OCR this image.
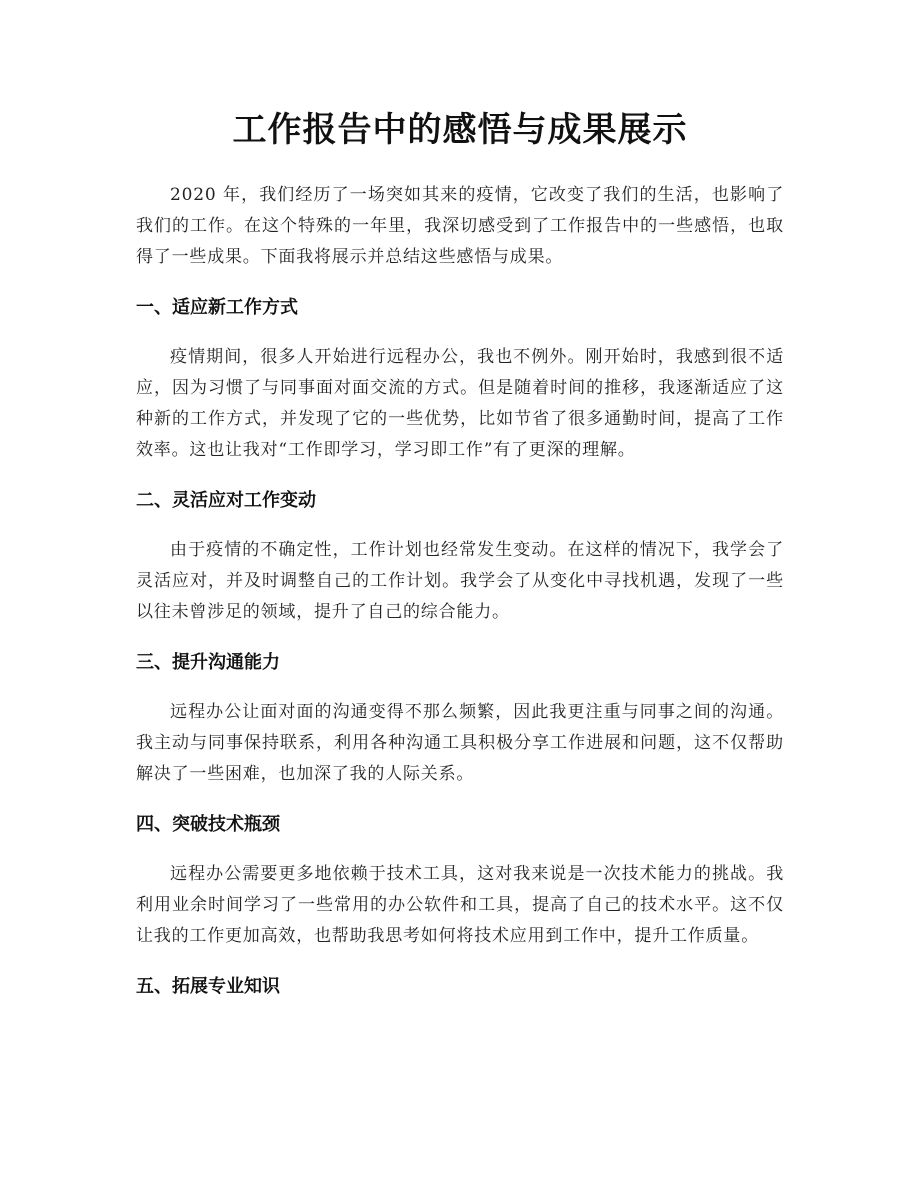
工作报告中的感悟与成果展示

2020 年，我们经历了一场突如其来的疫情，它改变了我们的生活，也影响了我们的工作。在这个特殊的一年里，我深切感受到了工作报告中的一些感悟，也取得了一些成果。下面我将展示并总结这些感悟与成果。

一、适应新工作方式

疫情期间，很多人开始进行远程办公，我也不例外。刚开始时，我感到很不适应，因为习惯了与同事面对面交流的方式。但是随着时间的推移，我逐渐适应了这种新的工作方式，并发现了它的一些优势，比如节省了很多通勤时间，提高了工作效率。这也让我对“工作即学习，学习即工作”有了更深的理解。

二、灵活应对工作变动

由于疫情的不确定性，工作计划也经常发生变动。在这样的情况下，我学会了灵活应对，并及时调整自己的工作计划。我学会了从变化中寻找机遇，发现了一些以往未曾涉足的领域，提升了自己的综合能力。

三、提升沟通能力

远程办公让面对面的沟通变得不那么频繁，因此我更注重与同事之间的沟通。我主动与同事保持联系，利用各种沟通工具积极分享工作进展和问题，这不仅帮助解决了一些困难，也加深了我的人际关系。

四、突破技术瓶颈

远程办公需要更多地依赖于技术工具，这对我来说是一次技术能力的挑战。我利用业余时间学习了一些常用的办公软件和工具，提高了自己的技术水平。这不仅让我的工作更加高效，也帮助我思考如何将技术应用到工作中，提升工作质量。

五、拓展专业知识
